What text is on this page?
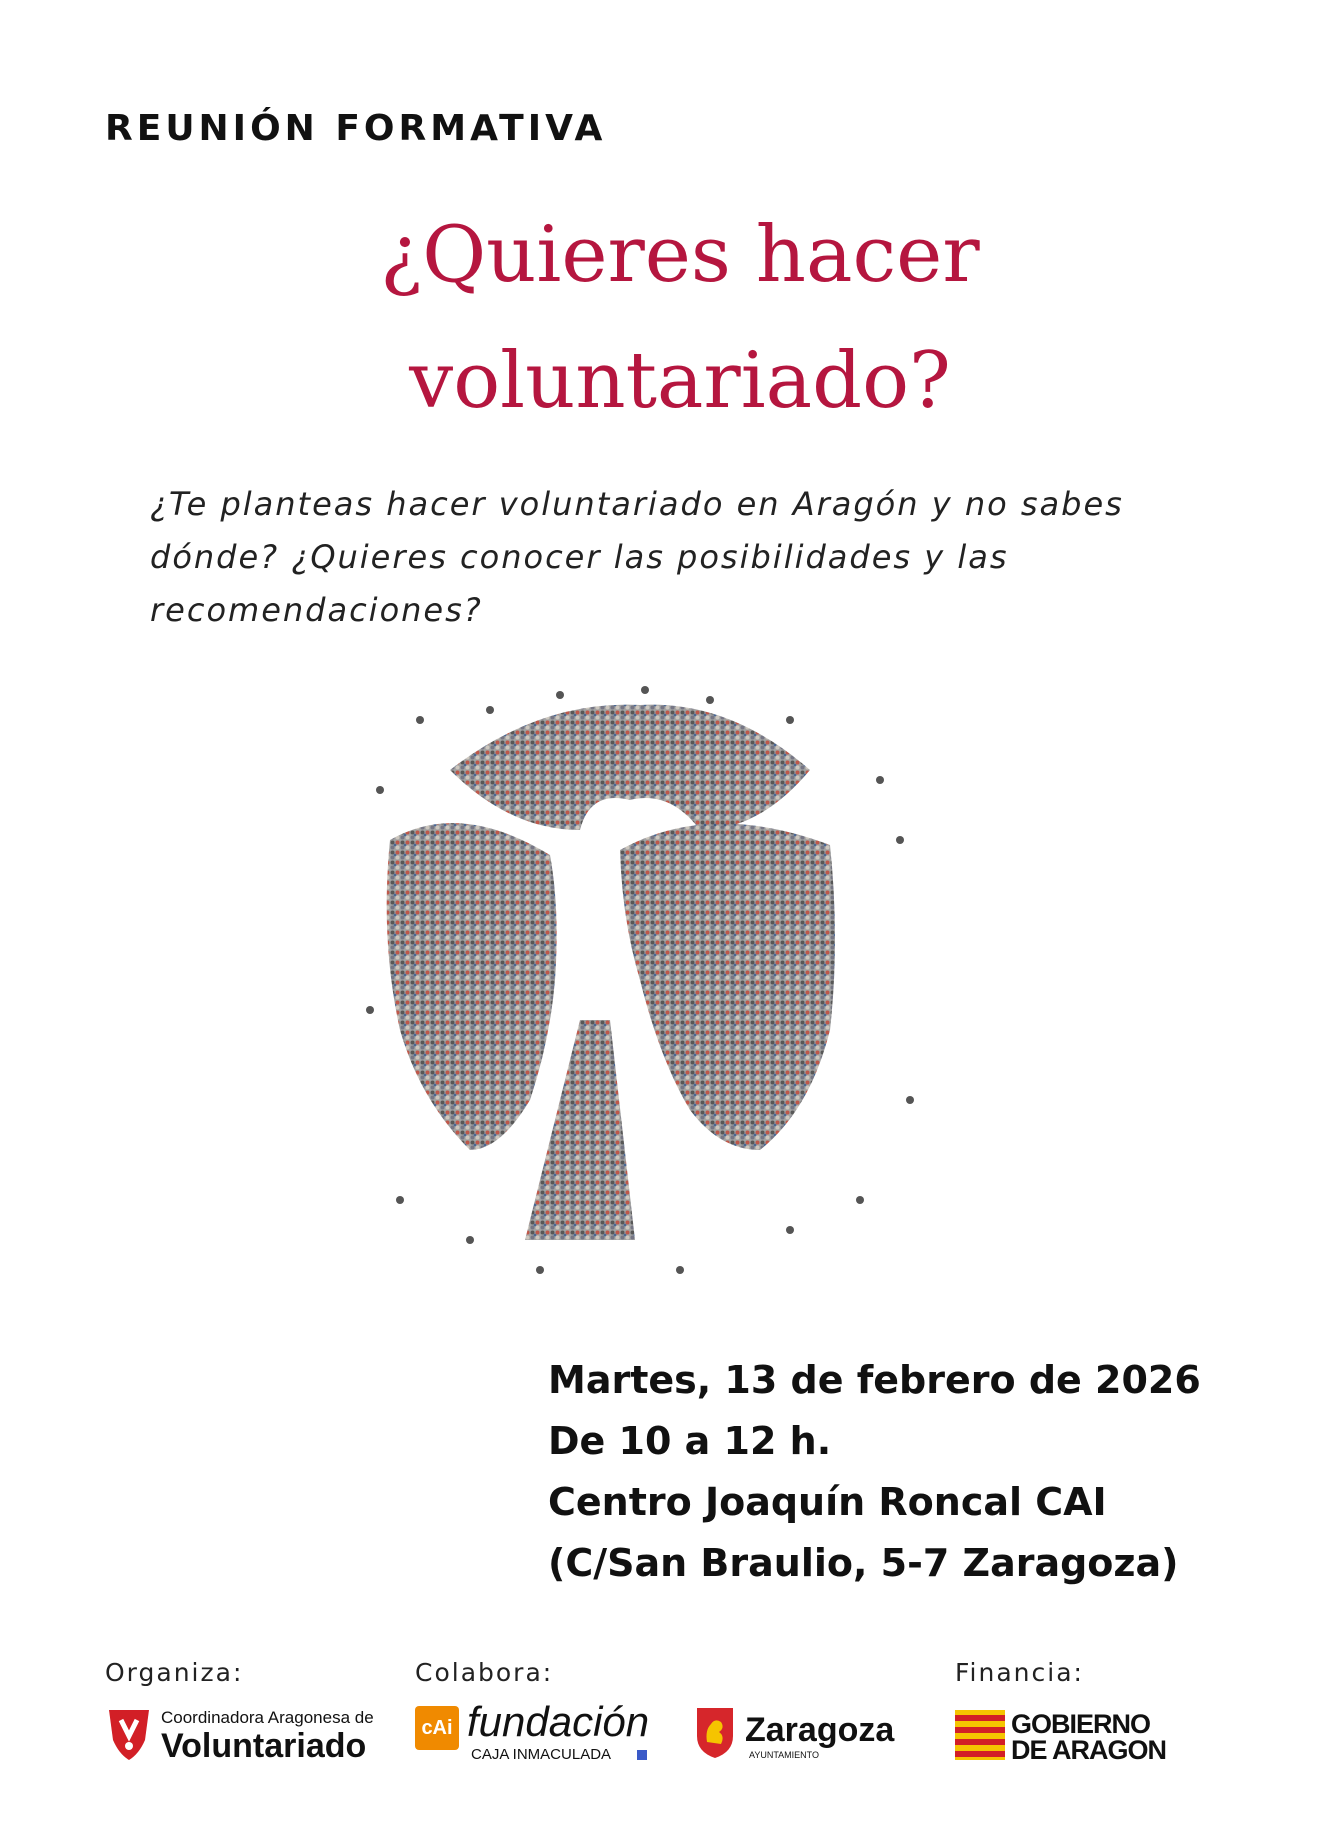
REUNIÓN FORMATIVA
¿Quieres hacer
voluntariado?
¿Te planteas hacer voluntariado en Aragón y no sabes
dónde? ¿Quieres conocer las posibilidades y las
recomendaciones?
Martes, 13 de febrero de 2026
De 10 a 12 h.
Centro Joaquín Roncal CAI
(C/San Braulio, 5-7 Zaragoza)
Organiza:	Colabora:	Financia:
Coordinadora Aragonesa de
Voluntariado	cAi fundación
CAJA INMACULADA
Zaragoza
AYUNTAMIENTO
GOBIERNO
DE ARAGON
